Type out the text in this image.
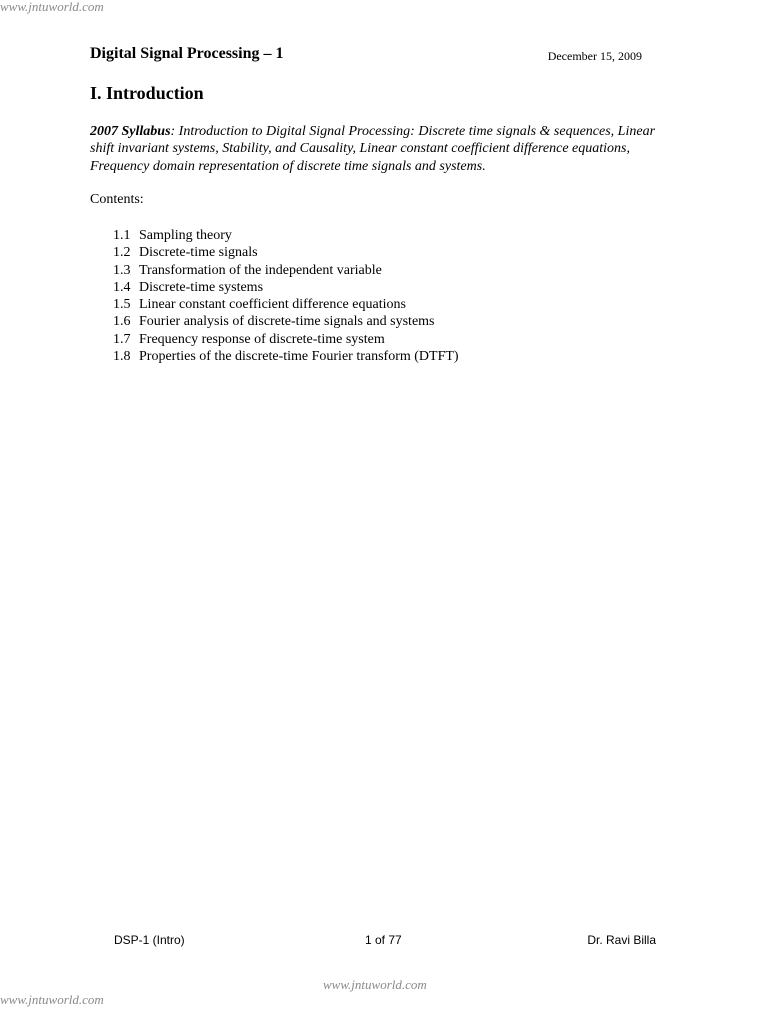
www.jntuworld.com
Digital Signal Processing – 1	December 15, 2009
I. Introduction

2007 Syllabus: Introduction to Digital Signal Processing: Discrete time signals & sequences, Linear shift invariant systems, Stability, and Causality, Linear constant coefficient difference equations, Frequency domain representation of discrete time signals and systems.

Contents:

1.1 Sampling theory
1.2 Discrete-time signals
1.3 Transformation of the independent variable
1.4 Discrete-time systems
1.5 Linear constant coefficient difference equations
1.6 Fourier analysis of discrete-time signals and systems
1.7 Frequency response of discrete-time system
1.8 Properties of the discrete-time Fourier transform (DTFT)
DSP-1 (Intro)	1 of 77	Dr. Ravi Billa
www.jntuworld.com
www.jntuworld.com
